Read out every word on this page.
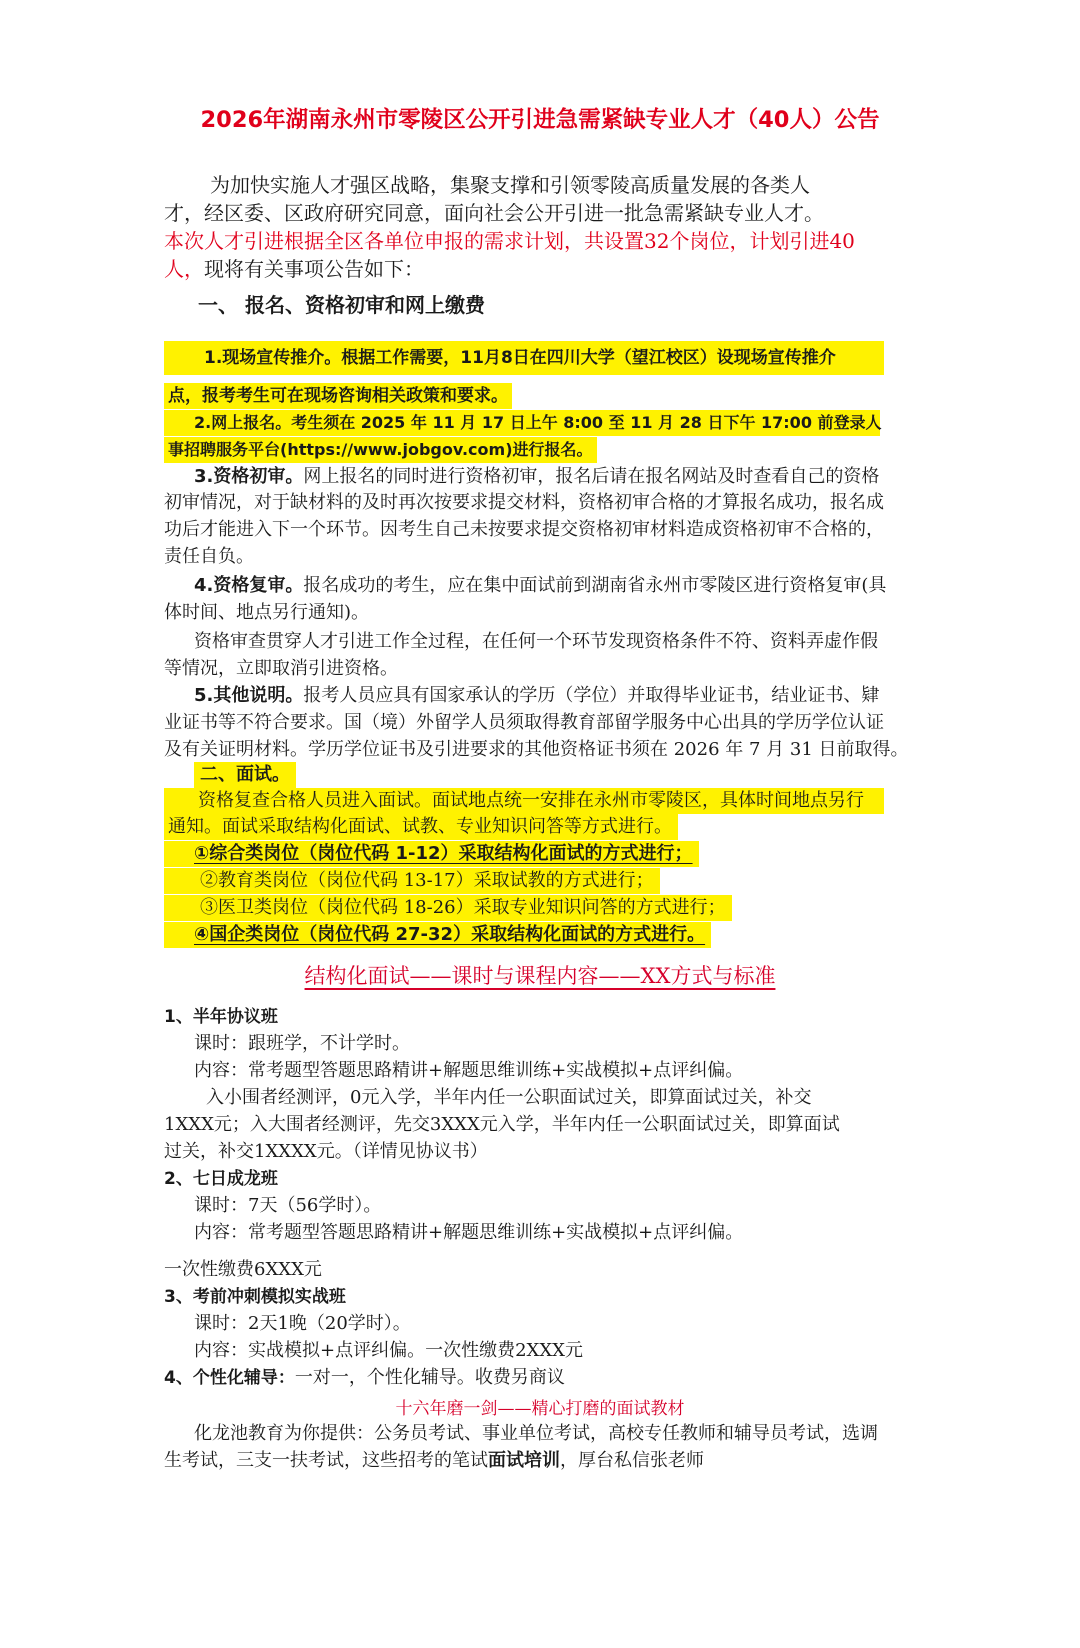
2026年湖南永州市零陵区公开引进急需紧缺专业人才（40人）公告
为加快实施人才强区战略，集聚支撑和引领零陵高质量发展的各类人
才，经区委、区政府研究同意，面向社会公开引进一批急需紧缺专业人才。
本次人才引进根据全区各单位申报的需求计划，共设置32个岗位，计划引进40
人，现将有关事项公告如下：
一、 报名、资格初审和网上缴费
1.现场宣传推介。根据工作需要，11月8日在四川大学（望江校区）设现场宣传推介
点，报考考生可在现场咨询相关政策和要求。
2.网上报名。考生须在 2025 年 11 月 17 日上午 8:00 至 11 月 28 日下午 17:00 前登录人
事招聘服务平台(https://www.jobgov.com)进行报名。
3.资格初审。网上报名的同时进行资格初审，报名后请在报名网站及时查看自己的资格
初审情况，对于缺材料的及时再次按要求提交材料，资格初审合格的才算报名成功，报名成
功后才能进入下一个环节。因考生自己未按要求提交资格初审材料造成资格初审不合格的，
责任自负。
4.资格复审。报名成功的考生，应在集中面试前到湖南省永州市零陵区进行资格复审(具
体时间、地点另行通知)。
资格审查贯穿人才引进工作全过程，在任何一个环节发现资格条件不符、资料弄虚作假
等情况，立即取消引进资格。
5.其他说明。报考人员应具有国家承认的学历（学位）并取得毕业证书，结业证书、肄
业证书等不符合要求。国（境）外留学人员须取得教育部留学服务中心出具的学历学位认证
及有关证明材料。学历学位证书及引进要求的其他资格证书须在 2026 年 7 月 31 日前取得。
二、面试。
资格复查合格人员进入面试。面试地点统一安排在永州市零陵区，具体时间地点另行
通知。面试采取结构化面试、试教、专业知识问答等方式进行。
①综合类岗位（岗位代码 1-12）采取结构化面试的方式进行；
②教育类岗位（岗位代码 13-17）采取试教的方式进行；
③医卫类岗位（岗位代码 18-26）采取专业知识问答的方式进行；
④国企类岗位（岗位代码 27-32）采取结构化面试的方式进行。
结构化面试——课时与课程内容——XX方式与标准
1、半年协议班
课时：跟班学，不计学时。
内容：常考题型答题思路精讲+解题思维训练+实战模拟+点评纠偏。
入小围者经测评，0元入学，半年内任一公职面试过关，即算面试过关，补交
1XXX元；入大围者经测评，先交3XXX元入学，半年内任一公职面试过关，即算面试
过关，补交1XXXX元。（详情见协议书）
2、七日成龙班
课时：7天（56学时）。
内容：常考题型答题思路精讲+解题思维训练+实战模拟+点评纠偏。
一次性缴费6XXX元
3、考前冲刺模拟实战班
课时：2天1晚（20学时）。
内容：实战模拟+点评纠偏。一次性缴费2XXX元
4、个性化辅导：一对一，个性化辅导。收费另商议
十六年磨一剑——精心打磨的面试教材
化龙池教育为你提供：公务员考试、事业单位考试，高校专任教师和辅导员考试，选调
生考试，三支一扶考试，这些招考的笔试面试培训，厚台私信张老师
